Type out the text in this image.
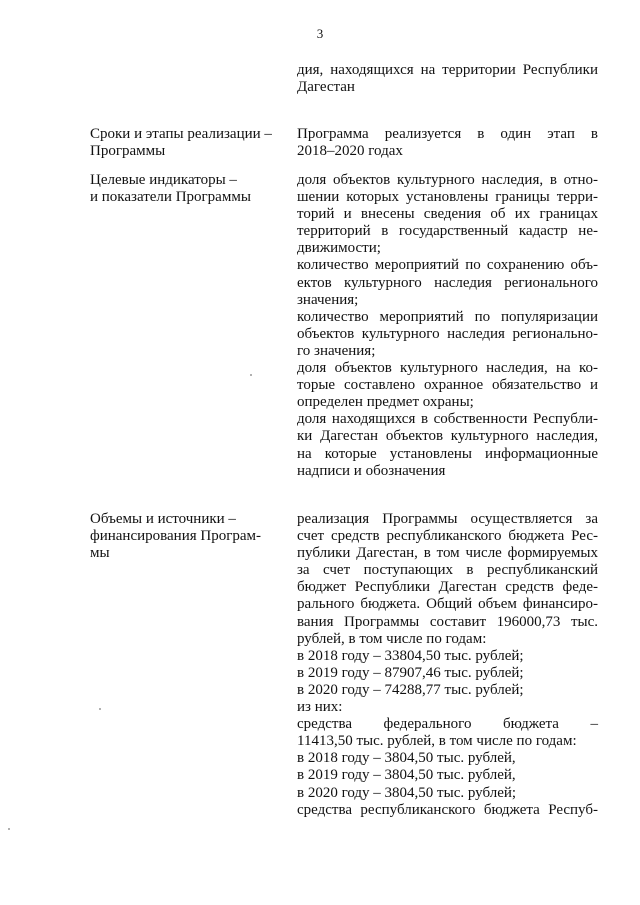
3
дия, находящихся на территории Республики
Дагестан
Сроки и этапы реализации –
Программы
Программа реализуется в один этап в
2018–2020 годах
Целевые индикаторы –
и показатели Программы
доля объектов культурного наследия, в отно-
шении которых установлены границы терри-
торий и внесены сведения об их границах
территорий в государственный кадастр не-
движимости;
количество мероприятий по сохранению объ-
ектов культурного наследия регионального
значения;
количество мероприятий по популяризации
объектов культурного наследия регионально-
го значения;
доля объектов культурного наследия, на ко-
торые составлено охранное обязательство и
определен предмет охраны;
доля находящихся в собственности Республи-
ки Дагестан объектов культурного наследия,
на которые установлены информационные
надписи и обозначения
Объемы и источники –
финансирования Програм-
мы
реализация Программы осуществляется за
счет средств республиканского бюджета Рес-
публики Дагестан, в том числе формируемых
за счет поступающих в республиканский
бюджет Республики Дагестан средств феде-
рального бюджета. Общий объем финансиро-
вания Программы составит 196000,73 тыс.
рублей, в том числе по годам:
в 2018 году – 33804,50 тыс. рублей;
в 2019 году – 87907,46 тыс. рублей;
в 2020 году – 74288,77 тыс. рублей;
из них:
средства федерального бюджета –
11413,50 тыс. рублей, в том числе по годам:
в 2018 году – 3804,50 тыс. рублей,
в 2019 году – 3804,50 тыс. рублей,
в 2020 году – 3804,50 тыс. рублей;
средства республиканского бюджета Респуб-
